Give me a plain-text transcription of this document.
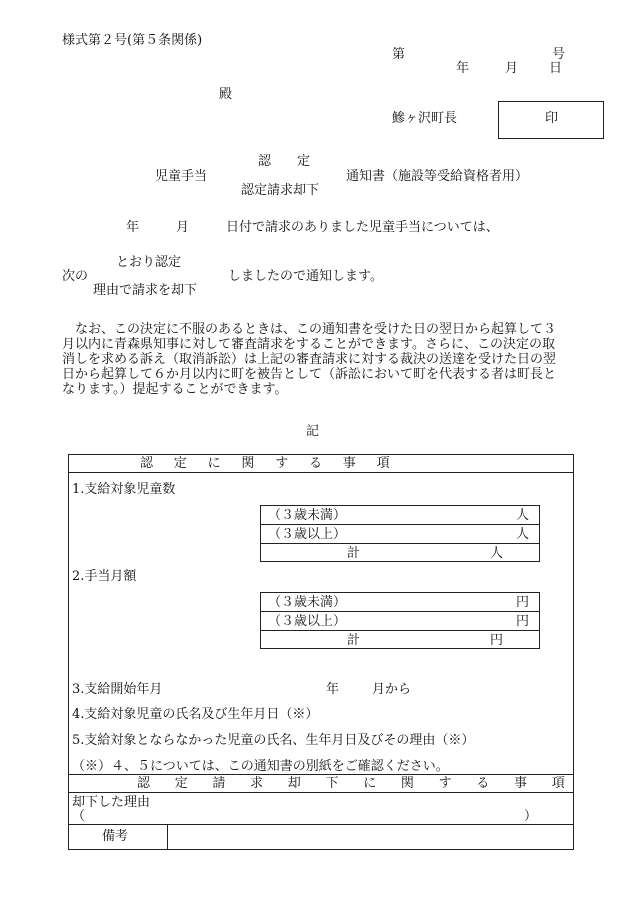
様式第２号(第５条関係)
第	号
年	月 日
殿
鰺ヶ沢町長	印
認　　定
児童手当
認定請求却下
通知書（施設等受給資格者用）
年	月	日付で請求のありました児童手当については、
とおり認定
次の
理由で請求を却下
しましたので通知します。
　なお、この決定に不服のあるときは、この通知書を受けた日の翌日から起算して３月以内に青森県知事に対して審査請求をすることができます。さらに、この決定の取消しを求める訴え（取消訴訟）は上記の審査請求に対する裁決の送達を受けた日の翌日から起算して６か月以内に町を被告として（訴訟において町を代表する者は町長となります。）提起することができます。
記
認　定　に　関　す　る　事　項
1.支給対象児童数
（３歳未満）	人
（３歳以上）	人
計	人
2.手当月額
（３歳未満）	円
（３歳以上）	円
計	円
3.支給開始年月	年	月から
4.支給対象児童の氏名及び生年月日（※）
5.支給対象とならなかった児童の氏名、生年月日及びその理由（※）
（※）４、５については、この通知書の別紙をご確認ください。
認　定　請　求　却　下　に　関　す　る　事　項
却下した理由
（	）
備考
